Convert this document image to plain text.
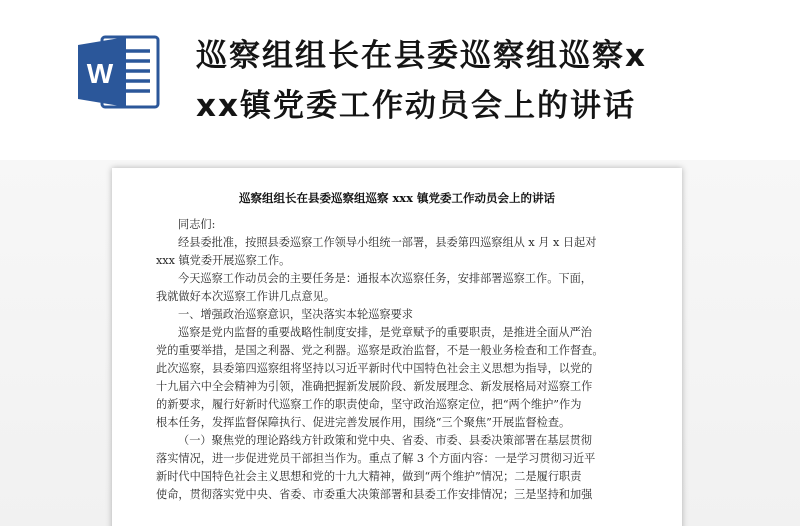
W	巡察组组长在县委巡察组巡察x
xx镇党委工作动员会上的讲话
巡察组组长在县委巡察组巡察 xxx 镇党委工作动员会上的讲话
同志们:
经县委批准，按照县委巡察工作领导小组统一部署，县委第四巡察组从 x 月 x 日起对
xxx 镇党委开展巡察工作。
今天巡察工作动员会的主要任务是：通报本次巡察任务，安排部署巡察工作。下面，
我就做好本次巡察工作讲几点意见。
一、增强政治巡察意识，坚决落实本轮巡察要求
巡察是党内监督的重要战略性制度安排，是党章赋予的重要职责，是推进全面从严治
党的重要举措，是国之利器、党之利器。巡察是政治监督，不是一般业务检查和工作督查。
此次巡察，县委第四巡察组将坚持以习近平新时代中国特色社会主义思想为指导，以党的
十九届六中全会精神为引领，准确把握新发展阶段、新发展理念、新发展格局对巡察工作
的新要求，履行好新时代巡察工作的职责使命，坚守政治巡察定位，把“两个维护”作为
根本任务，发挥监督保障执行、促进完善发展作用，围绕“三个聚焦”开展监督检查。
（一）聚焦党的理论路线方针政策和党中央、省委、市委、县委决策部署在基层贯彻
落实情况，进一步促进党员干部担当作为。重点了解 3 个方面内容：一是学习贯彻习近平
新时代中国特色社会主义思想和党的十九大精神，做到“两个维护”情况；二是履行职责
使命，贯彻落实党中央、省委、市委重大决策部署和县委工作安排情况；三是坚持和加强
